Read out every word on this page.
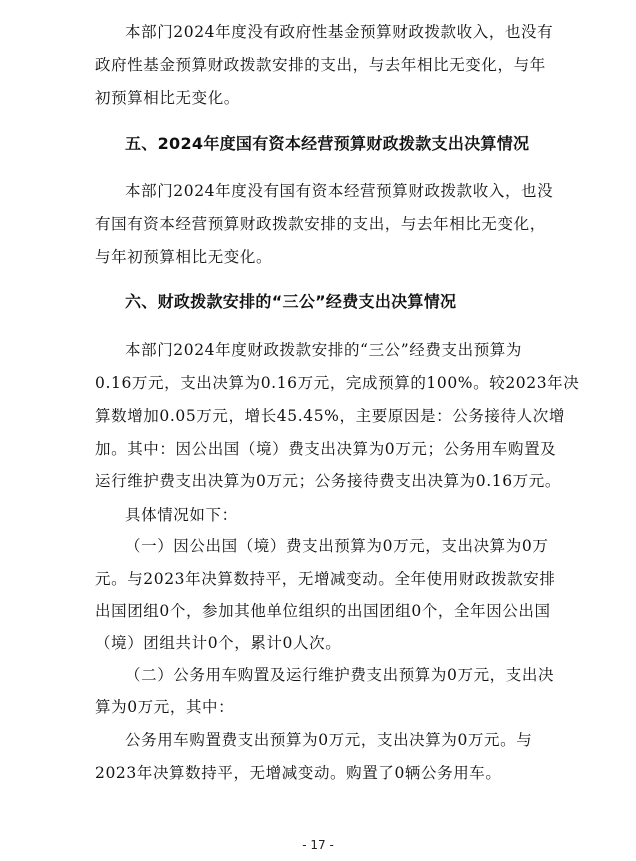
本部门2024年度没有政府性基金预算财政拨款收入，也没有
政府性基金预算财政拨款安排的支出，与去年相比无变化，与年
初预算相比无变化。
五、2024年度国有资本经营预算财政拨款支出决算情况
本部门2024年度没有国有资本经营预算财政拨款收入，也没
有国有资本经营预算财政拨款安排的支出，与去年相比无变化，
与年初预算相比无变化。
六、财政拨款安排的“三公”经费支出决算情况
本部门2024年度财政拨款安排的“三公”经费支出预算为
0.16万元，支出决算为0.16万元，完成预算的100%。较2023年决
算数增加0.05万元，增长45.45%，主要原因是：公务接待人次增
加。其中：因公出国（境）费支出决算为0万元；公务用车购置及
运行维护费支出决算为0万元；公务接待费支出决算为0.16万元。
具体情况如下：
（一）因公出国（境）费支出预算为0万元，支出决算为0万
元。与2023年决算数持平，无增减变动。全年使用财政拨款安排
出国团组0个，参加其他单位组织的出国团组0个，全年因公出国
（境）团组共计0个，累计0人次。
（二）公务用车购置及运行维护费支出预算为0万元，支出决
算为0万元，其中：
公务用车购置费支出预算为0万元，支出决算为0万元。与
2023年决算数持平，无增减变动。购置了0辆公务用车。
- 17 -
